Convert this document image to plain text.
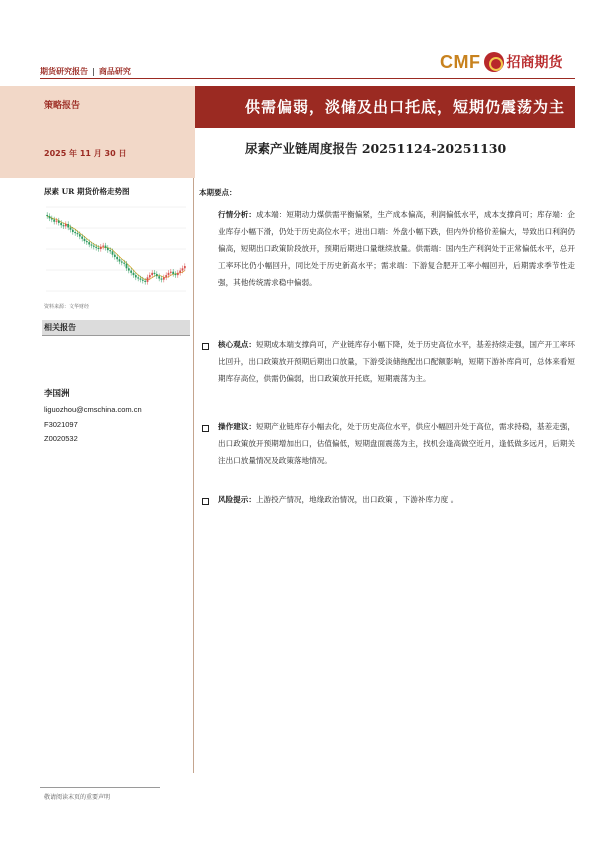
期货研究报告 | 商品研究	CMF 招商期货
策略报告
2025 年 11 月 30 日
供需偏弱，淡储及出口托底，短期仍震荡为主
尿素产业链周度报告 20251124-20251130
尿素 UR 期货价格走势图
资料来源：文华财经
相关报告
李国洲
liguozhou@cmschina.com.cn
F3021097
Z0020532
本期要点：
行情分析：成本端：短期动力煤供需平衡偏紧，生产成本偏高，利润偏低水平，成本支撑尚可；库存端：企业库存小幅下滑，仍处于历史高位水平；进出口端：外盘小幅下跌，但内外价格价差偏大，导致出口利润仍偏高，短期出口政策阶段放开，预期后期进口量继续放量。供需端：国内生产利润处于正常偏低水平，总开工率环比仍小幅回升，同比处于历史新高水平；需求端：下游复合肥开工率小幅回升，后期需求季节性走强，其他传统需求稳中偏弱。
核心观点：短期成本端支撑尚可，产业链库存小幅下降，处于历史高位水平，基差持续走强，国产开工率环比回升，出口政策放开预期后期出口放量，下游受淡储拖配出口配额影响，短期下游补库尚可，总体来看短期库存高位，供需仍偏弱，出口政策放开托底，短期震荡为主。
操作建议：短期产业链库存小幅去化，处于历史高位水平，供应小幅回升处于高位，需求持稳，基差走强，出口政策放开预期增加出口，估值偏低，短期盘面震荡为主，找机会逢高做空近月，逢低做多远月，后期关注出口放量情况及政策落地情况。
风险提示：上游投产情况，地缘政治情况，出口政策 ，下游补库力度 。
敬请阅读末页的重要声明
